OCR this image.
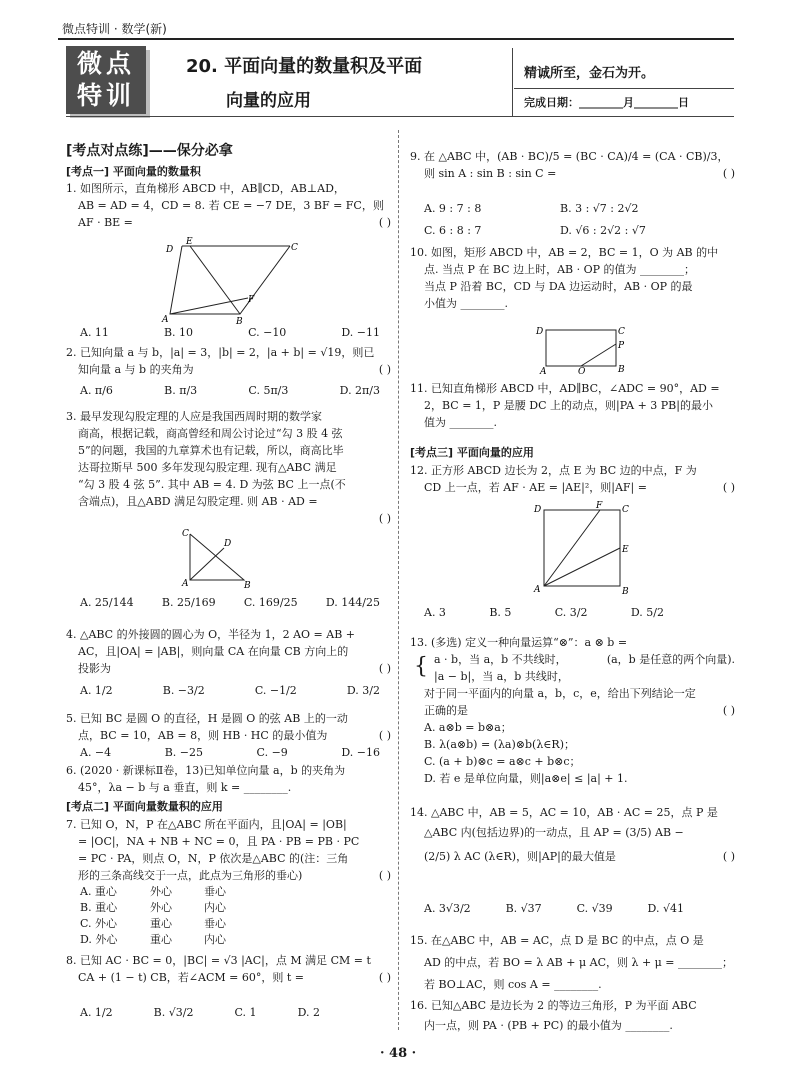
微点特训 · 数学(新)
微点
特训
20. 平面向量的数量积及平面
向量的应用
精诚所至，金石为开。
完成日期：________月________日
[考点对点练]——保分必拿
[考点一] 平面向量的数量积
1. 如图所示，直角梯形 ABCD 中，AB∥CD，AB⊥AD，
AB = AD = 4，CD = 8. 若 CE = −7 DE，3 BF = FC，则
AF · BE =	( )
D
E
C
A	B
F
A. 11	B. 10	C. −10	D. −11
2. 已知向量 a 与 b，|a| = 3，|b| = 2，|a + b| = √19，则已
知向量 a 与 b 的夹角为	( )
A. π/6	B. π/3	C. 5π/3	D. 2π/3
3. 最早发现勾股定理的人应是我国西周时期的数学家
商高，根据记载，商高曾经和周公讨论过“勾 3 股 4 弦
5”的问题，我国的九章算术也有记载，所以，商高比毕
达哥拉斯早 500 多年发现勾股定理. 现有△ABC 满足
“勾 3 股 4 弦 5”. 其中 AB = 4. D 为弦 BC 上一点(不
含端点)，且△ABD 满足勾股定理. 则 AB · AD =
( )
C
D
A	B
A. 25/144	B. 25/169	C. 169/25	D. 144/25
4. △ABC 的外接圆的圆心为 O，半径为 1，2 AO = AB +
AC，且|OA| = |AB|，则向量 CA 在向量 CB 方向上的
投影为	( )
A. 1/2	B. −3/2	C. −1/2	D. 3/2
5. 已知 BC 是圆 O 的直径，H 是圆 O 的弦 AB 上的一动
点，BC = 10，AB = 8，则 HB · HC 的最小值为	( )
A. −4	B. −25	C. −9	D. −16
6. (2020 · 新课标Ⅱ卷，13)已知单位向量 a，b 的夹角为
45°，λa − b 与 a 垂直，则 k = ________.
[考点二] 平面向量数量积的应用
7. 已知 O，N，P 在△ABC 所在平面内，且|OA| = |OB|
= |OC|，NA + NB + NC = 0，且 PA · PB = PB · PC
= PC · PA，则点 O，N，P 依次是△ABC 的(注：三角
形的三条高线交于一点，此点为三角形的垂心)	( )
A. 重心	外心	垂心
B. 重心	外心	内心
C. 外心	重心	垂心
D. 外心	重心	内心
8. 已知 AC · BC = 0，|BC| = √3 |AC|，点 M 满足 CM = t
CA + (1 − t) CB，若∠ACM = 60°，则 t =	( )
A. 1/2	B. √3/2	C. 1	D. 2
9. 在 △ABC 中，(AB · BC)/5 = (BC · CA)/4 = (CA · CB)/3，
则 sin A : sin B : sin C =	( )
A. 9 : 7 : 8	B. 3 : √7 : 2√2
C. 6 : 8 : 7	D. √6 : 2√2 : √7
10. 如图，矩形 ABCD 中，AB = 2，BC = 1，O 为 AB 的中
点. 当点 P 在 BC 边上时，AB · OP 的值为 ________；
当点 P 沿着 BC，CD 与 DA 边运动时，AB · OP 的最
小值为 ________.
D	C
P
A	O	B
11. 已知直角梯形 ABCD 中，AD∥BC，∠ADC = 90°，AD =
2，BC = 1，P 是腰 DC 上的动点，则|PA + 3 PB|的最小
值为 ________.
[考点三] 平面向量的应用
12. 正方形 ABCD 边长为 2，点 E 为 BC 边的中点，F 为
CD 上一点，若 AF · AE = |AE|²，则|AF| =	( )
D	F C
E
A	B
A. 3	B. 5	C. 3/2	D. 5/2
13. (多选) 定义一种向量运算“⊗”：a ⊗ b =
{ a · b，当 a，b 不共线时，	(a，b 是任意的两个向量).
|a − b|，当 a，b 共线时，
对于同一平面内的向量 a，b，c，e，给出下列结论一定
正确的是	( )
A. a⊗b = b⊗a；
B. λ(a⊗b) = (λa)⊗b(λ∈R)；
C. (a + b)⊗c = a⊗c + b⊗c；
D. 若 e 是单位向量，则|a⊗e| ≤ |a| + 1.
14. △ABC 中，AB = 5，AC = 10，AB · AC = 25，点 P 是
△ABC 内(包括边界)的一动点，且 AP = (3/5) AB −
(2/5) λ AC (λ∈R)，则|AP|的最大值是	( )
A. 3√3/2	B. √37	C. √39	D. √41
15. 在△ABC 中，AB = AC，点 D 是 BC 的中点，点 O 是
AD 的中点，若 BO = λ AB + μ AC，则 λ + μ = ________；
若 BO⊥AC，则 cos A = ________.
16. 已知△ABC 是边长为 2 的等边三角形，P 为平面 ABC
内一点，则 PA · (PB + PC) 的最小值为 ________.
· 48 ·
